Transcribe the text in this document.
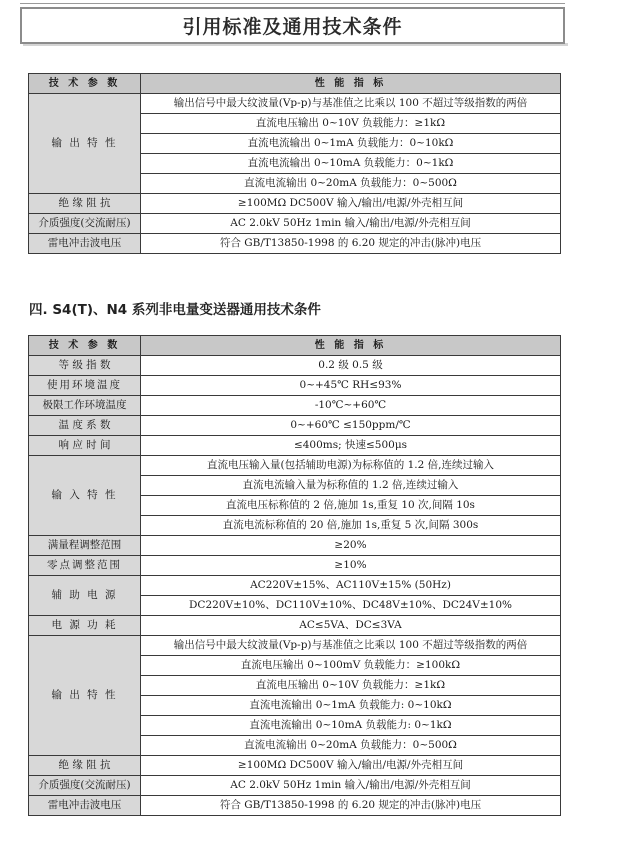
引用标准及通用技术条件
技 术 参 数	性 能 指 标
输 出 特 性	输出信号中最大纹波量(Vp-p)与基准值之比乘以 100 不超过等级指数的两倍
	直流电压输出 0~10V 负载能力：≥1kΩ
	直流电流输出 0~1mA 负载能力：0~10kΩ
	直流电流输出 0~10mA 负载能力：0~1kΩ
	直流电流输出 0~20mA 负载能力：0~500Ω
绝 缘 阻 抗	≥100MΩ DC500V 输入/输出/电源/外壳相互间
介质强度(交流耐压)	AC 2.0kV 50Hz 1min 输入/输出/电源/外壳相互间
雷电冲击波电压	符合 GB/T13850-1998 的 6.20 规定的冲击(脉冲)电压
四. S4(T)、N4 系列非电量变送器通用技术条件
技 术 参 数	性 能 指 标
等 级 指 数	0.2 级 0.5 级
使用环境温度	0~+45℃ RH≤93%
极限工作环境温度	-10℃~+60℃
温 度 系 数	0~+60℃ ≤150ppm/℃
响 应 时 间	≤400ms; 快速≤500μs
输 入 特 性	直流电压输入量(包括辅助电源)为标称值的 1.2 倍,连续过输入
	直流电流输入量为标称值的 1.2 倍,连续过输入
	直流电压标称值的 2 倍,施加 1s,重复 10 次,间隔 10s
	直流电流标称值的 20 倍,施加 1s,重复 5 次,间隔 300s
满量程调整范围	≥20%
零点调整范围	≥10%
辅 助 电 源	AC220V±15%、AC110V±15% (50Hz)
	DC220V±10%、DC110V±10%、DC48V±10%、DC24V±10%
电 源 功 耗	AC≤5VA、DC≤3VA
输 出 特 性	输出信号中最大纹波量(Vp-p)与基准值之比乘以 100 不超过等级指数的两倍
	直流电压输出 0~100mV 负载能力：≥100kΩ
	直流电压输出 0~10V 负载能力：≥1kΩ
	直流电流输出 0~1mA 负载能力: 0~10kΩ
	直流电流输出 0~10mA 负载能力: 0~1kΩ
	直流电流输出 0~20mA 负载能力：0~500Ω
绝 缘 阻 抗	≥100MΩ DC500V 输入/输出/电源/外壳相互间
介质强度(交流耐压)	AC 2.0kV 50Hz 1min 输入/输出/电源/外壳相互间
雷电冲击波电压	符合 GB/T13850-1998 的 6.20 规定的冲击(脉冲)电压
